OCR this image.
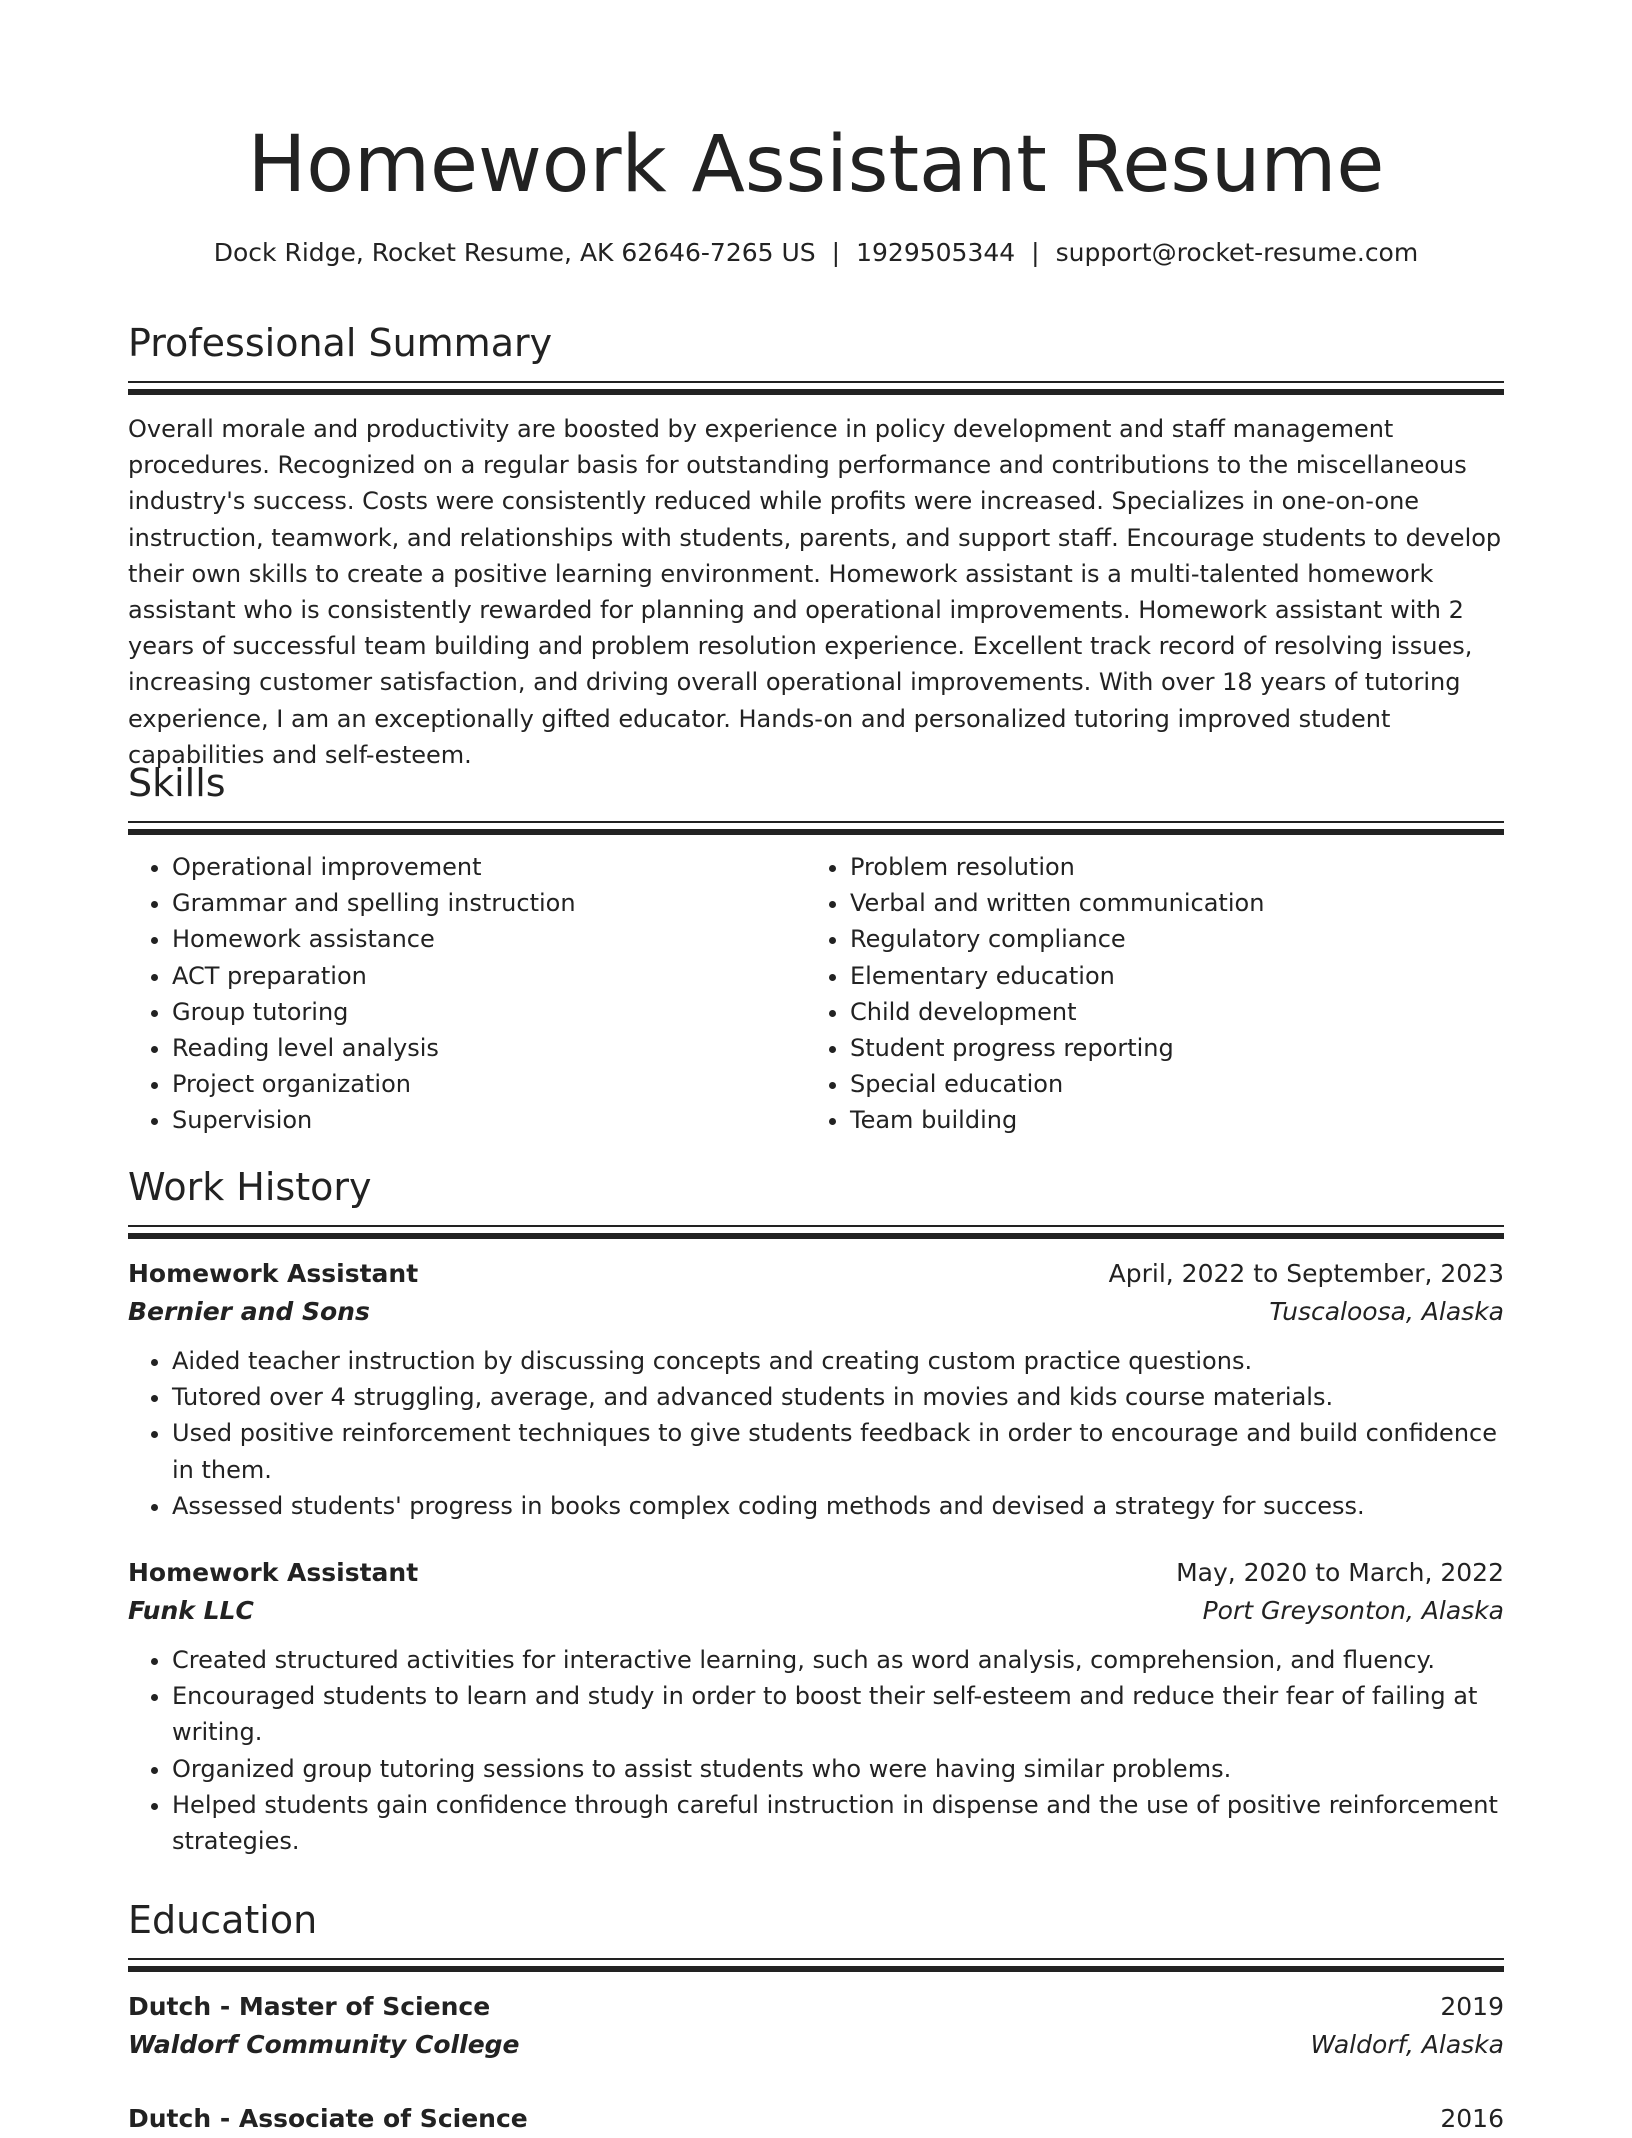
Homework Assistant Resume
Dock Ridge, Rocket Resume, AK 62646-7265 US | 1929505344 | support@rocket-resume.com
Professional Summary
Overall morale and productivity are boosted by experience in policy development and staff management procedures. Recognized on a regular basis for outstanding performance and contributions to the miscellaneous industry's success. Costs were consistently reduced while profits were increased. Specializes in one-on-one instruction, teamwork, and relationships with students, parents, and support staff. Encourage students to develop their own skills to create a positive learning environment. Homework assistant is a multi-talented homework assistant who is consistently rewarded for planning and operational improvements. Homework assistant with 2 years of successful team building and problem resolution experience. Excellent track record of resolving issues, increasing customer satisfaction, and driving overall operational improvements. With over 18 years of tutoring experience, I am an exceptionally gifted educator. Hands-on and personalized tutoring improved student capabilities and self-esteem.
Skills
• Operational improvement
• Grammar and spelling instruction
• Homework assistance
• ACT preparation
• Group tutoring
• Reading level analysis
• Project organization
• Supervision
• Problem resolution
• Verbal and written communication
• Regulatory compliance
• Elementary education
• Child development
• Student progress reporting
• Special education
• Team building
Work History
Homework Assistant	April, 2022 to September, 2023
Bernier and Sons	Tuscaloosa, Alaska
• Aided teacher instruction by discussing concepts and creating custom practice questions.
• Tutored over 4 struggling, average, and advanced students in movies and kids course materials.
• Used positive reinforcement techniques to give students feedback in order to encourage and build confidence in them.
• Assessed students' progress in books complex coding methods and devised a strategy for success.
Homework Assistant	May, 2020 to March, 2022
Funk LLC	Port Greysonton, Alaska
• Created structured activities for interactive learning, such as word analysis, comprehension, and fluency.
• Encouraged students to learn and study in order to boost their self-esteem and reduce their fear of failing at writing.
• Organized group tutoring sessions to assist students who were having similar problems.
• Helped students gain confidence through careful instruction in dispense and the use of positive reinforcement strategies.
Education
Dutch - Master of Science	2019
Waldorf Community College	Waldorf, Alaska
Dutch - Associate of Science	2016
